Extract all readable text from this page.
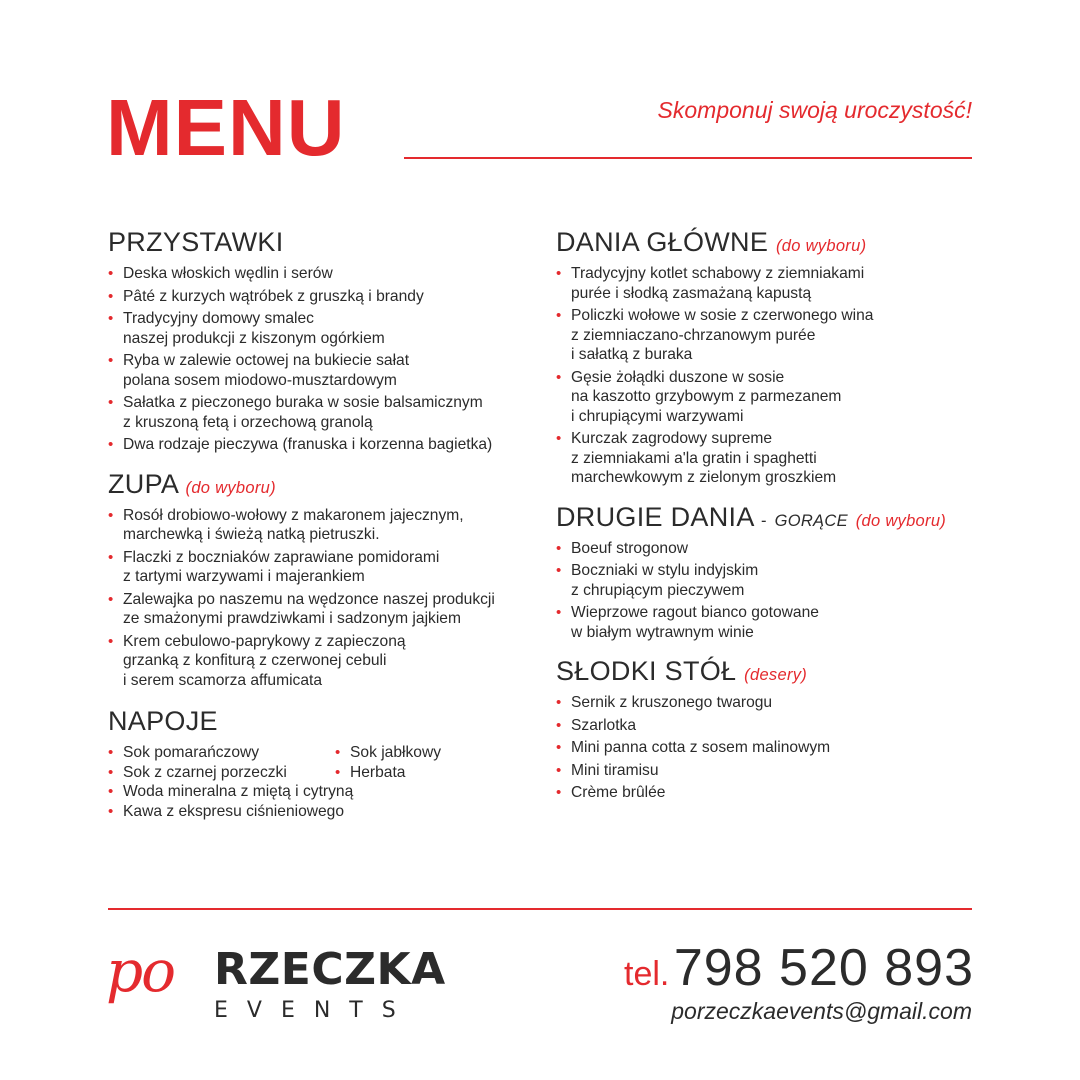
MENU	Skomponuj swoją uroczystość!

PRZYSTAWKI
• Deska włoskich wędlin i serów
• Pâté z kurzych wątróbek z gruszką i brandy
• Tradycyjny domowy smalec
naszej produkcji z kiszonym ogórkiem
• Ryba w zalewie octowej na bukiecie sałat
polana sosem miodowo-musztardowym
• Sałatka z pieczonego buraka w sosie balsamicznym
z kruszoną fetą i orzechową granolą
• Dwa rodzaje pieczywa (franuska i korzenna bagietka)
ZUPA (do wyboru)
• Rosół drobiowo-wołowy z makaronem jajecznym,
marchewką i świeżą natką pietruszki.
• Flaczki z boczniaków zaprawiane pomidorami
z tartymi warzywami i majerankiem
• Zalewajka po naszemu na wędzonce naszej produkcji
ze smażonymi prawdziwkami i sadzonym jajkiem
• Krem cebulowo-paprykowy z zapieczoną
grzanką z konfiturą z czerwonej cebuli
i serem scamorza affumicata
NAPOJE
• Sok pomarańczowy	• Sok jabłkowy
• Sok z czarnej porzeczki	• Herbata
• Woda mineralna z miętą i cytryną
• Kawa z ekspresu ciśnieniowego
DANIA GŁÓWNE (do wyboru)
• Tradycyjny kotlet schabowy z ziemniakami
purée i słodką zasmażaną kapustą
• Policzki wołowe w sosie z czerwonego wina
z ziemniaczano-chrzanowym purée
i sałatką z buraka
• Gęsie żołądki duszone w sosie
na kaszotto grzybowym z parmezanem
i chrupiącymi warzywami
• Kurczak zagrodowy supreme
z ziemniakami a'la gratin i spaghetti
marchewkowym z zielonym groszkiem
DRUGIE DANIA - GORĄCE (do wyboru)
• Boeuf strogonow
• Boczniaki w stylu indyjskim
z chrupiącym pieczywem
• Wieprzowe ragout bianco gotowane
w białym wytrawnym winie
SŁODKI STÓŁ (desery)
• Sernik z kruszonego twarogu
• Szarlotka
• Mini panna cotta z sosem malinowym
• Mini tiramisu
• Crème brûlée
po RZECZKA
EVENTS

tel. 798 520 893

porzeczkaevents@gmail.com
